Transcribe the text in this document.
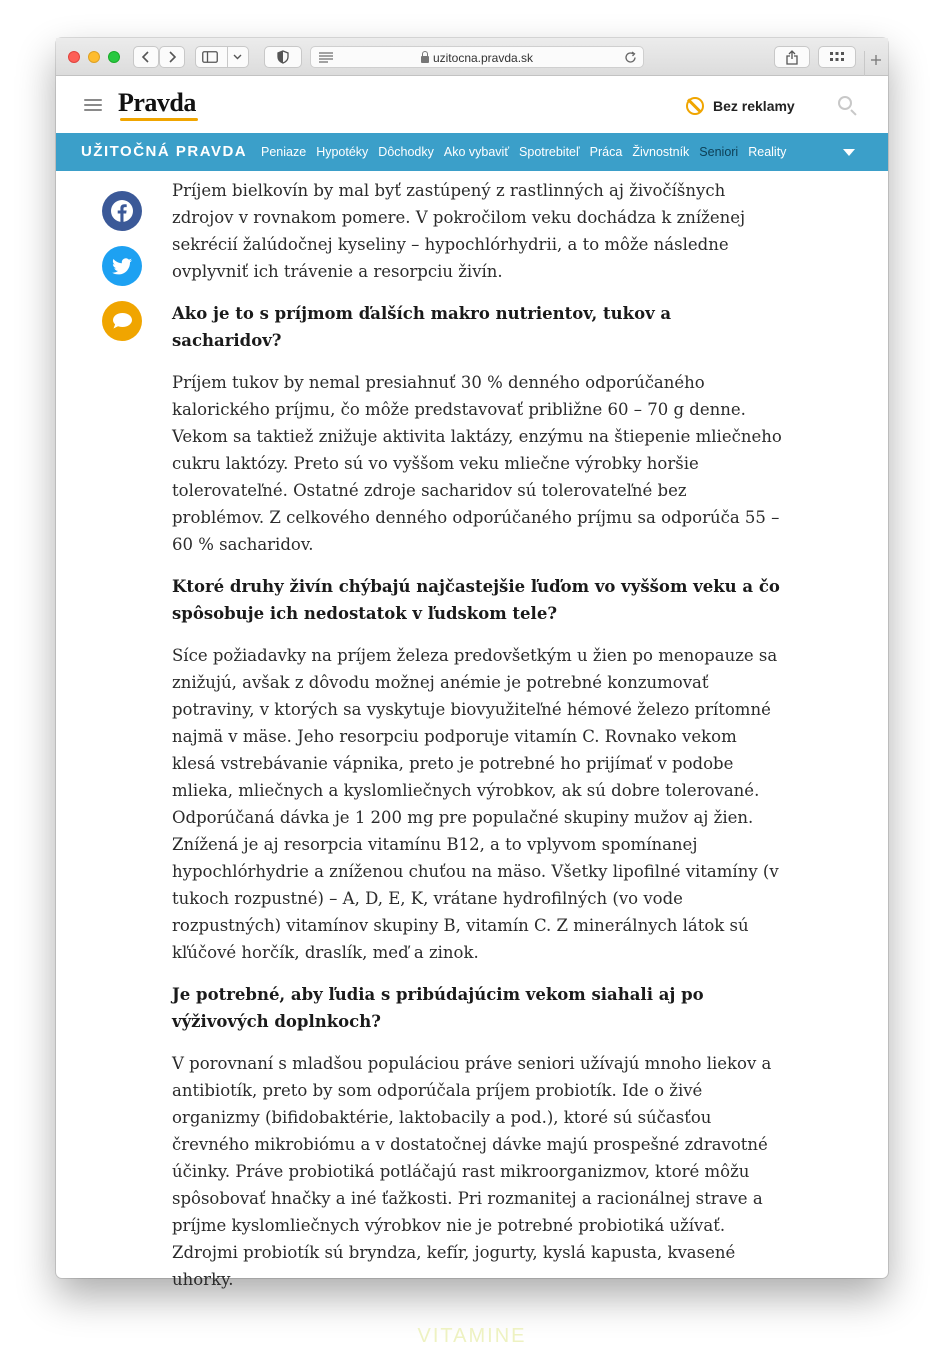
uzitocna.pravda.sk
Pravda	Bez reklamy
UŽITOČNÁ PRAVDA Peniaze Hypotéky Dôchodky Ako vybaviť Spotrebiteľ Práca Živnostník Seniori Reality

Príjem bielkovín by mal byť zastúpený z rastlinných aj živočíšnych zdrojov v rovnakom pomere. V pokročilom veku dochádza k zníženej sekrécií žalúdočnej kyseliny – hypochlórhydrii, a to môže následne ovplyvniť ich trávenie a resorpciu živín.

Ako je to s príjmom ďalších makro nutrientov, tukov a sacharidov?

Príjem tukov by nemal presiahnuť 30 % denného odporúčaného kalorického príjmu, čo môže predstavovať približne 60 – 70 g denne. Vekom sa taktiež znižuje aktivita laktázy, enzýmu na štiepenie mliečneho cukru laktózy. Preto sú vo vyššom veku mliečne výrobky horšie tolerovateľné. Ostatné zdroje sacharidov sú tolerovateľné bez problémov. Z celkového denného odporúčaného príjmu sa odporúča 55 – 60 % sacharidov.

Ktoré druhy živín chýbajú najčastejšie ľuďom vo vyššom veku a čo spôsobuje ich nedostatok v ľudskom tele?

Síce požiadavky na príjem železa predovšetkým u žien po menopauze sa znižujú, avšak z dôvodu možnej anémie je potrebné konzumovať potraviny, v ktorých sa vyskytuje biovyužiteľné hémové železo prítomné najmä v mäse. Jeho resorpciu podporuje vitamín C. Rovnako vekom klesá vstrebávanie vápnika, preto je potrebné ho prijímať v podobe mlieka, mliečnych a kyslomliečnych výrobkov, ak sú dobre tolerované. Odporúčaná dávka je 1 200 mg pre populačné skupiny mužov aj žien. Znížená je aj resorpcia vitamínu B12, a to vplyvom spomínanej hypochlórhydrie a zníženou chuťou na mäso. Všetky lipofilné vitamíny (v tukoch rozpustné) – A, D, E, K, vrátane hydrofilných (vo vode rozpustných) vitamínov skupiny B, vitamín C. Z minerálnych látok sú kľúčové horčík, draslík, meď a zinok.

Je potrebné, aby ľudia s pribúdajúcim vekom siahali aj po výživových doplnkoch?

V porovnaní s mladšou populáciou práve seniori užívajú mnoho liekov a antibiotík, preto by som odporúčala príjem probiotík. Ide o živé organizmy (bifidobaktérie, laktobacily a pod.), ktoré sú súčasťou črevného mikrobiómu a v dostatočnej dávke majú prospešné zdravotné účinky. Práve probiotiká potláčajú rast mikroorganizmov, ktoré môžu spôsobovať hnačky a iné ťažkosti. Pri rozmanitej a racionálnej strave a príjme kyslomliečnych výrobkov nie je potrebné probiotiká užívať. Zdrojmi probiotík sú bryndza, kefír, jogurty, kyslá kapusta, kvasené uhorky.

VITAMINE
